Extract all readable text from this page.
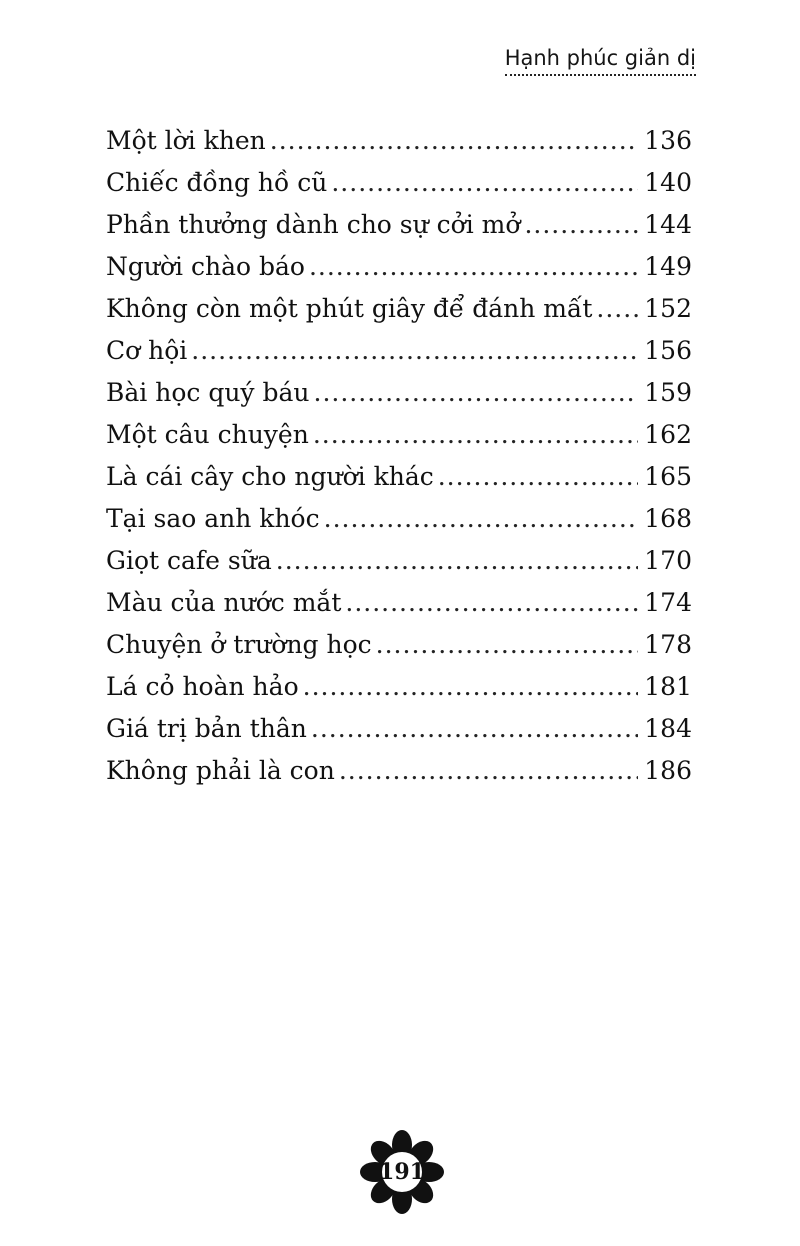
Hạnh phúc giản dị
Một lời khen .....	136
Chiếc đồng hồ cũ .....	140
Phần thưởng dành cho sự cởi mở .....	144
Người chào báo .....	149
Không còn một phút giây để đánh mất ..... 152
Cơ hội .....	156
Bài học quý báu .....	159
Một câu chuyện .....	162
Là cái cây cho người khác .....	165
Tại sao anh khóc .....	168
Giọt cafe sữa .....	170
Màu của nước mắt .....	174
Chuyện ở trường học .....	178
Lá cỏ hoàn hảo .....	181
Giá trị bản thân .....	184
Không phải là con .....	186
191
